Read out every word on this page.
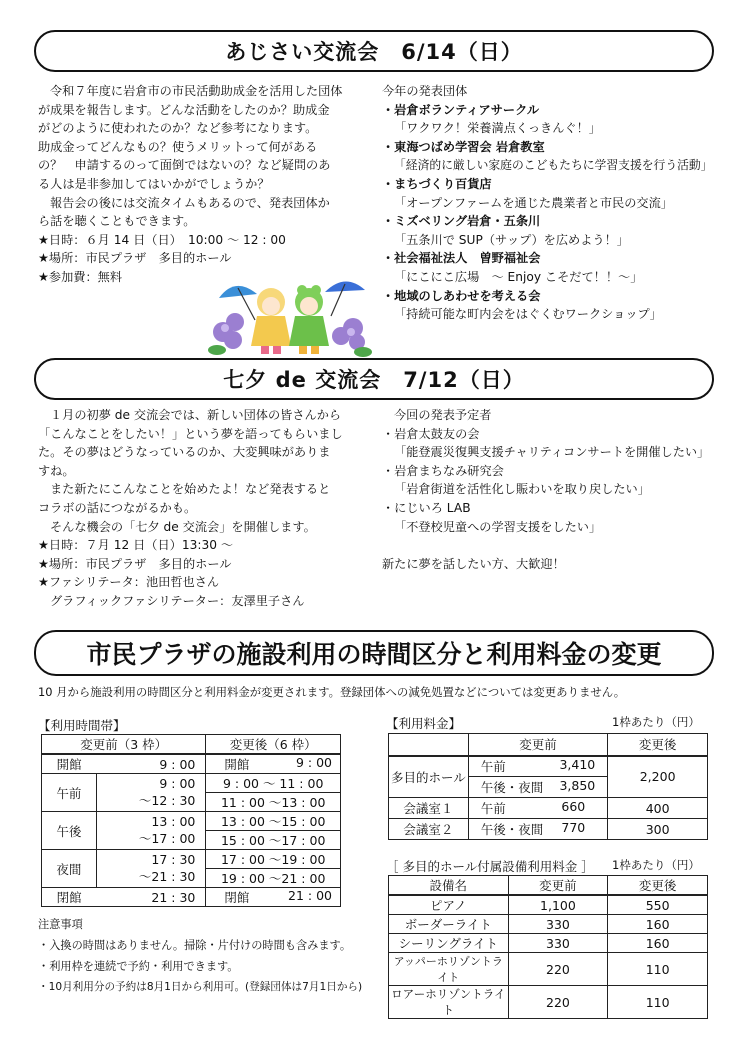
あじさい交流会　6/14（日）

令和７年度に岩倉市の市民活動助成金を活用した団体

が成果を報告します。どんな活動をしたのか？助成金

がどのように使われたのか？など参考になります。

助成金ってどんなもの？使うメリットって何がある

の？　申請するのって面倒ではないの？など疑問のあ

る人は是非参加してはいかがでしょうか？

報告会の後には交流タイムもあるので、発表団体か

ら話を聴くこともできます。

★日時：６月 14 日（日）　10:00 ～ 12 : 00

★場所：市民プラザ　多目的ホール

★参加費：無料

今年の発表団体

・岩倉ボランティアサークル

「ワクワク！栄養満点くっきんぐ！」

・東海つばめ学習会 岩倉教室

「経済的に厳しい家庭のこどもたちに学習支援を行う活動」

・まちづくり百貨店

「オープンファームを通じた農業者と市民の交流」

・ミズベリング岩倉・五条川

「五条川で SUP（サップ）を広めよう！」

・社会福祉法人　曽野福祉会

「にこにこ広場　～ Enjoy こそだて！！～」

・地域のしあわせを考える会

「持続可能な町内会をはぐくむワークショップ」

七夕 de 交流会　7/12（日）

１月の初夢 de 交流会では、新しい団体の皆さんから

「こんなことをしたい！」という夢を語ってもらいまし

た。その夢はどうなっているのか、大変興味がありま

すね。

また新たにこんなことを始めたよ！など発表すると

コラボの話につながるかも。

そんな機会の「七夕 de 交流会」を開催します。

★日時：７月 12 日（日）13:30 ～

★場所：市民プラザ　多目的ホール

★ファシリテータ：池田哲也さん

グラフィックファシリテーター：友澤里子さん

今回の発表予定者

・岩倉太鼓友の会

「能登震災復興支援チャリティコンサートを開催したい」

・岩倉まちなみ研究会

「岩倉街道を活性化し賑わいを取り戻したい」

・にじいろ LAB

「不登校児童への学習支援をしたい」

新たに夢を話したい方、大歓迎！

市民プラザの施設利用の時間区分と利用料金の変更

10 月から施設利用の時間区分と利用料金が変更されます。登録団体への減免処置などについては変更ありません。

【利用時間帯】

変更前（3 枠）		変更後（6 枠）
開館	9 : 00	開館 9 : 00

午前	9 : 00
～12 : 30	9 : 00 ～ 11 : 00
		11 : 00 ～13 : 00
午後	13 : 00
～17 : 00	13 : 00 ～15 : 00
		15 : 00 ～17 : 00
夜間	17 : 30
～21 : 30	17 : 00 ～19 : 00
		19 : 00 ～21 : 00
閉館	21 : 30	閉館 21 : 00

注意事項

・入換の時間はありません。掃除・片付けの時間も含みます。

・利用枠を連続で予約・利用できます。

・10月利用分の予約は8月1日から利用可。(登録団体は7月1日から)

【利用料金】	1枠あたり（円）

	変更前	変更後
多目的ホール	午前 3,410	2,200
	午後・夜間 3,850	

会議室１	午前 660	400
会議室２	午後・夜間 770	300

［ 多目的ホール付属設備利用料金 ］ 1枠あたり（円）

設備名	変更前	変更後
ピアノ	1,100	550
ボーダーライト	330	160
シーリングライト	330	160
アッパーホリゾントライト	220	110
ロアーホリゾントライト	220	110
